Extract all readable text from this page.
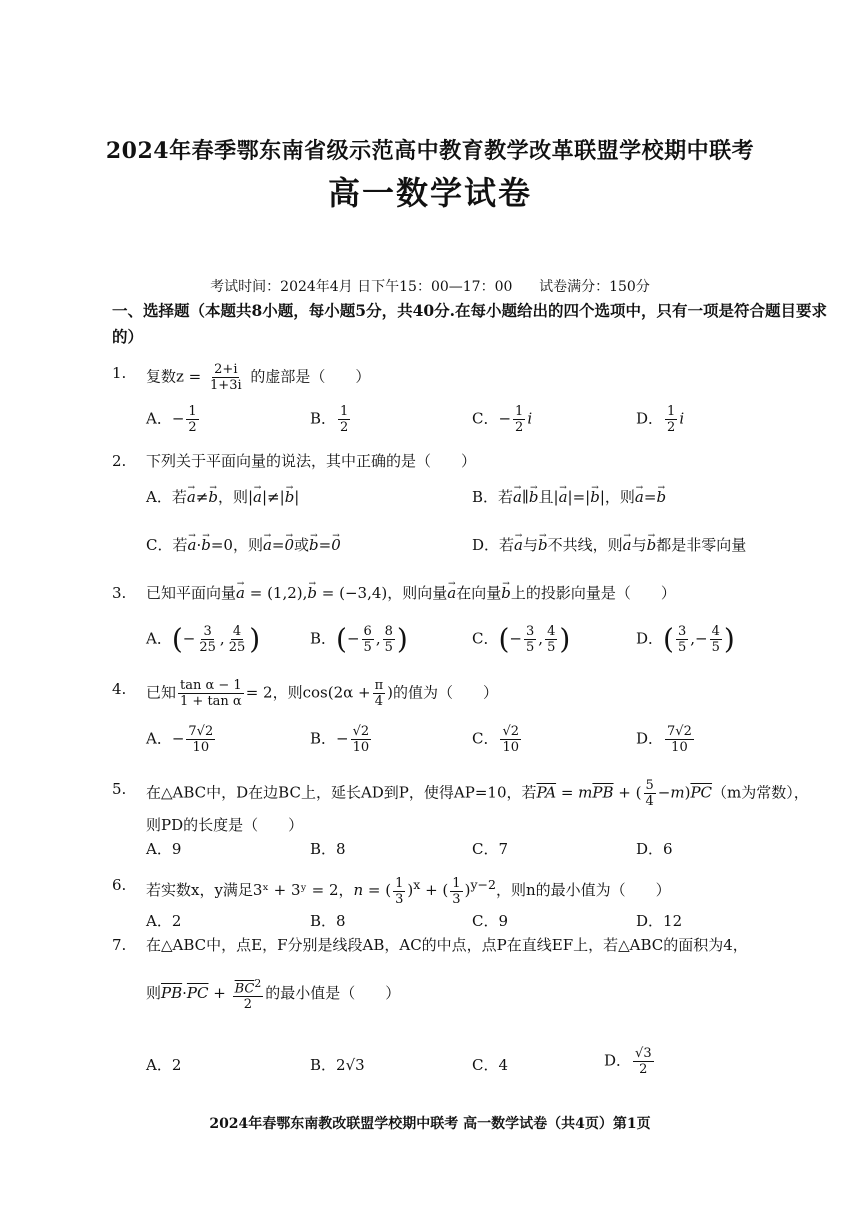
2024年春季鄂东南省级示范高中教育教学改革联盟学校期中联考
高一数学试卷
考试时间：2024年4月 日下午15：00—17：00 试卷满分：150分
一、选择题（本题共8小题，每小题5分，共40分.在每小题给出的四个选项中，只有一项是符合题目要求的）
1. 复数$z = \frac{2+i}{1+3i}$ 的虚部是（　　）
A．− $\frac{1}{2}$	B． $\frac{1}{2}$	C．− $\frac{1}{2}$ i	D． $\frac{1}{2}$ i
2. 下列关于平面向量的说法，其中正确的是（　　）
A．若→ a≠→ b，则|→ a|≠|→ b|	B．若→ a∥→ b且|→ a|=|→ b|，则→ a=→ b
C．若→ a·→ b=0，则→ a=→ 0或→ b=→ 0	D．若→ a与→ b不共线，则→ a与→ b都是非零向量
3. 已知平面向量→ a = (1,2),→ b = (−3,4)，则向量→ a在向量→ b上的投影向量是（　　）
A．(− $\frac{3}{25}$ , $\frac{4}{25}$ )	B．(− $\frac{6}{5}$ , $\frac{8}{5}$ )	C．(− $\frac{3}{5}$ , $\frac{4}{5}$ )	D．( $\frac{3}{5}$ ,− $\frac{4}{5}$ )
4. 已知 $\frac{\text{tan α − 1}}{\text{1 + tan α}} = 2$，则$\cos(2\alpha + \frac{\pi}{4}$ )的值为（　　）
A．− $\frac{7√2}{10}$	B．− $\frac{√2}{10}$	C． $\frac{√2}{10}$	D． $\frac{7√2}{10}$
5. 在△ABC中，D在边BC上，延长AD到P，使得AP=10，若$\overline{PA} = m\overline{PB}$ + ( $\frac{5}{4} -m)\overline{PC}(m$为常数），
则PD的长度是（　　）
A．9	B．8	C．7	D．6
6. 若实数x，y满足3ˣ + 3ʸ = 2，n = ( $\frac{1}{3} )^x$ + ( $\frac{1}{3} )^{y-2}$，则n的最小值为（　　）
A．2	B．8	C．9	D．12
7. 在△ABC中，点E，F分别是线段AB，AC的中点，点P在直线EF上，若△ABC的面积为4，
则$\overline{PB}\cdot\overline{PC} + \frac{\overline{BC}^2}{2}$ 的最小值是（　　）
A．2	B．2√3	C．4	D． $\frac{√3}{2}$
2024年春鄂东南教改联盟学校期中联考 高一数学试卷（共4页）第1页
